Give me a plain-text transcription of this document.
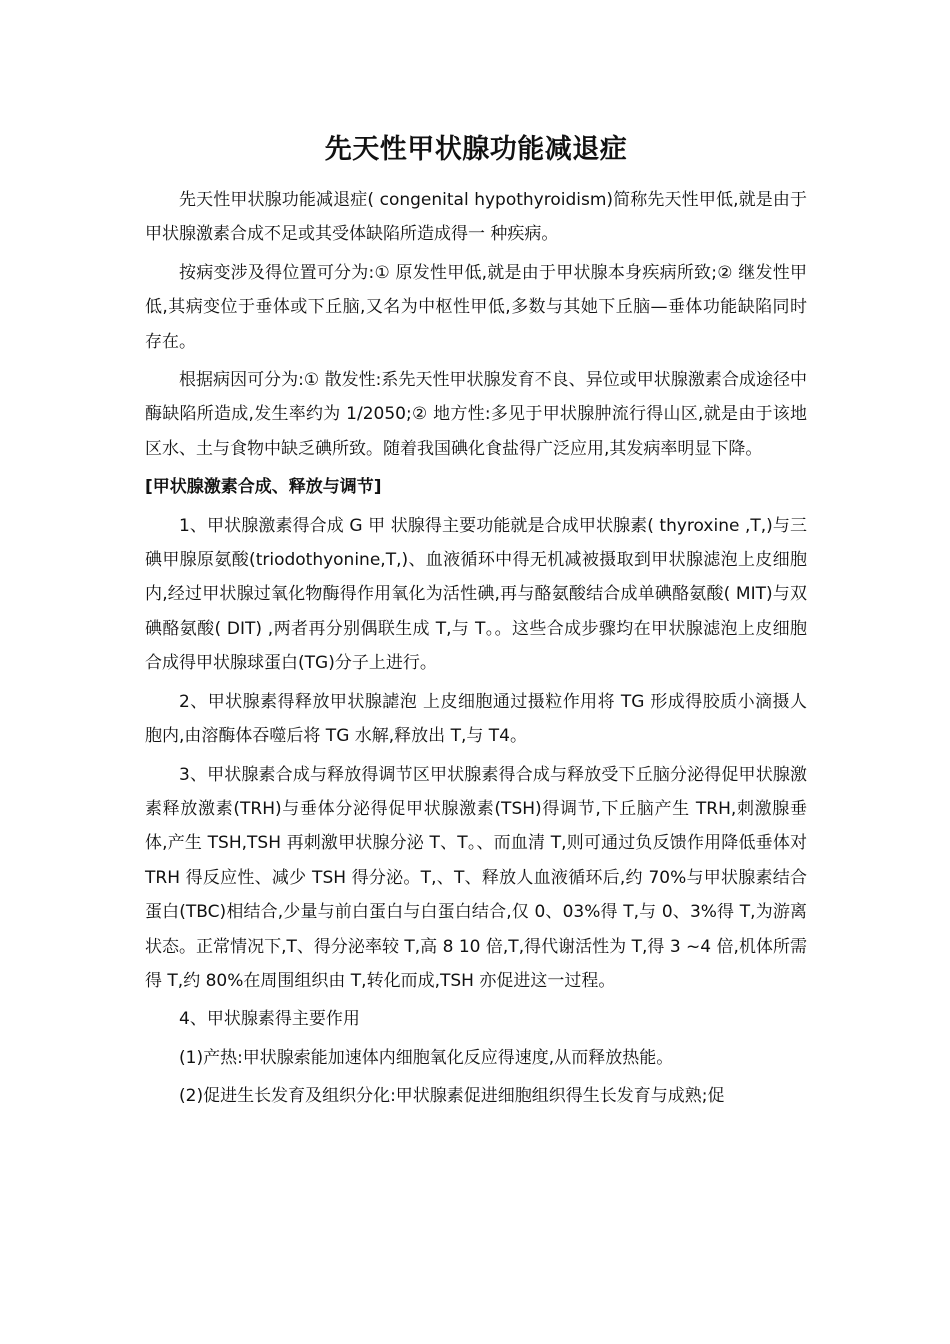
先天性甲状腺功能减退症

先天性甲状腺功能减退症( congenital hypothyroidism)简称先天性甲低,就是由于甲状腺激素合成不足或其受体缺陷所造成得一 种疾病。

按病变涉及得位置可分为:① 原发性甲低,就是由于甲状腺本身疾病所致;② 继发性甲低,其病变位于垂体或下丘脑,又名为中枢性甲低,多数与其她下丘脑—垂体功能缺陷同时存在。

根据病因可分为:① 散发性:系先天性甲状腺发育不良、异位或甲状腺激素合成途径中酶缺陷所造成,发生率约为 1/2050;② 地方性:多见于甲状腺肿流行得山区,就是由于该地区水、土与食物中缺乏碘所致。随着我国碘化食盐得广泛应用,其发病率明显下降。

[甲状腺激素合成、释放与调节]

1、甲状腺激素得合成 G 甲 状腺得主要功能就是合成甲状腺素( thyroxine ,T,)与三碘甲腺原氨酸(triodothyonine,T,)、血液循环中得无机减被摄取到甲状腺滤泡上皮细胞内,经过甲状腺过氧化物酶得作用氧化为活性碘,再与酪氨酸结合成单碘酪氨酸( MIT)与双碘酪氨酸( DIT) ,两者再分别偶联生成 T,与 T。。这些合成步骤均在甲状腺滤泡上皮细胞合成得甲状腺球蛋白(TG)分子上进行。

2、甲状腺素得释放甲状腺謔泡 上皮细胞通过摄粒作用将 TG 形成得胶质小滴摄人胞内,由溶酶体吞噬后将 TG 水解,释放出 T,与 T4。

3、甲状腺素合成与释放得调节区甲状腺素得合成与释放受下丘脑分泌得促甲状腺激素释放激素(TRH)与垂体分泌得促甲状腺激素(TSH)得调节,下丘脑产生 TRH,刺激腺垂体,产生 TSH,TSH 再刺激甲状腺分泌 T、T。、而血清 T,则可通过负反馈作用降低垂体对 TRH 得反应性、减少 TSH 得分泌。T,、T、释放人血液循环后,约 70%与甲状腺素结合蛋白(TBC)相结合,少量与前白蛋白与白蛋白结合,仅 0、03%得 T,与 0、3%得 T,为游离状态。正常情况下,T、得分泌率较 T,高 8 10 倍,T,得代谢活性为 T,得 3 ~4 倍,机体所需得 T,约 80%在周围组织由 T,转化而成,TSH 亦促进这一过程。

4、甲状腺素得主要作用

(1)产热:甲状腺索能加速体内细胞氧化反应得速度,从而释放热能。

(2)促进生长发育及组织分化:甲状腺素促进细胞组织得生长发育与成熟;促
